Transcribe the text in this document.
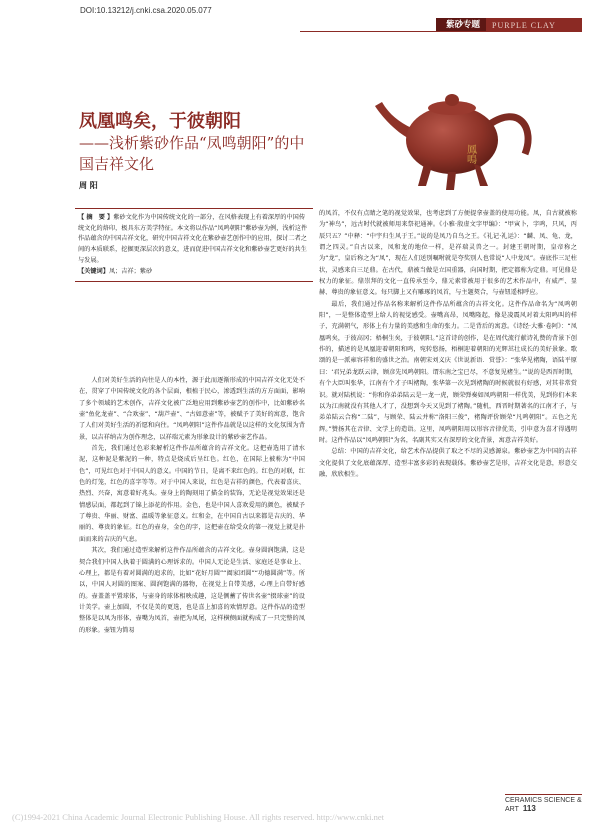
DOI:10.13212/j.cnki.csa.2020.05.077
紫砂专题	PURPLE CLAY
凤凰鸣矣，于彼朝阳
——浅析紫砂作品“凤鸣朝阳”的中国吉祥文化
周 阳
鳳鳴
【 摘　要 】紫砂文化作为中国传统文化的一部分，在风格表现上有着深厚的中国传统文化的烙印，极具东方美学特征。本文将以作品“凤鸣朝阳”紫砂壶为例，浅析这件作品蕴含的中国吉祥文化，研究中国吉祥文化在紫砂壶艺创作中的应用，探讨二者之间的本质联系，挖掘更深层次的意义，进而促进中国吉祥文化和紫砂壶艺更好的共生与发展。
【关键词】凤；吉祥；紫砂

人们对美好生活的向往是人的本性，源于此而逐渐形成的中国吉祥文化无处不在，贯穿了中国传统文化的各个层面，根植于民心，渗透到生活的方方面面，影响了多个领域的艺术创作，吉祥文化被广泛地应用到紫砂壶艺的创作中，比如紫砂名壶“鱼化龙壶”、“合欢壶”、“葫芦壶”、“古如意壶”等，被赋予了美好的寓意，饱含了人们对美好生活的祈愿和向往。“凤鸣朝阳”这件作品就是以这样的文化氛围为背景，以吉祥纳吉为创作理念，以祥瑞元素为形象设计的紫砂壶艺作品。

首先，我们通过色彩来解析这件作品所蕴含的吉祥文化。这把壶选用了清水泥，这种泥是紫泥的一种，特点是烧成后呈红色。红色，在国际上被称为“中国色”，可见红色对于中国人的意义。中国的节日，是离不来红色的。红色的对联，红色的灯笼，红色的喜字等等。对于中国人来说，红色是吉祥的颜色，代表着喜庆、热烈、兴奋，寓意着好兆头。壶身上的陶刻用了描金的装饰，无论是视觉效果还是情感层面，都起到了锦上添花的作用。金色，也是中国人喜欢爱用的颜色，被赋予了尊贵、华丽、财富、温暖等象征意义。红和金，在中国自古以来都是吉庆的、华丽的、尊贵的象征。红色的壶身，金色的字，这把壶在给受众的第一视觉上就是扑面而来的吉庆的气息。

其次，我们通过造型来解析这件作品所蕴含的吉祥文化。壶身圆润饱满，这是契合我们中国人执着于圆满的心理诉求的。中国人无论是生活、家庭还是事业上、心理上，都是有着对圆满的追求的，比如“花好月圆”“阖家团圆”“功德圆满”等。所以，中国人对圆的图案、圆润饱满的器物，在视觉上自带美感，心理上自带好感的。壶盖盖平置球体，与壶身的球体相映成趣，这是侧蓄了传世名壶“掇球壶”的设计美学。壶上加圆，不仅是美的更选，也是喜上加喜的欢情厚意。这件作品的造型整体是以凤为形体，壶嘴为凤首，壶把为凤尾，这样横侧面就构成了一只完整的凤的形象。壶钮为简易

的凤首，不仅有点睛之笔的视觉效果，也考虑到了方便提拿壶盖的使用功能。凤，自古就被称为“神鸟”，远古时代就被师用来祭祀通神。《小雅·殷虚文字甲编》：“甲寅卜，字鸣，只风，丙辰只五？”中释：“中宇归生风于王。”说的是凤乃自鸟之王。《礼记·礼运》：“麟、凤、龟、龙，谓之四灵。”自古以来，凤和龙的地位一样，是祥瑞灵兽之一。封建王朝时期，皇帝称之为“龙”，皇后称之为“凤”，现在人们送别嘱咐就是夸奖别人也常说“人中龙凤”。壶底作三足柱状，灵感来自三足鼎。在古代，鼎被当做是立国重器，向国时期，把定都称为定鼎。可见鼎是权力的象征。鼎崇拜的文化一直传承至今，鼎元素常被用于很多的艺术作品中，有威严、显赫、尊贵的象征意义。每只脚上又有雕琢的凤首，与主题契合，与壶钮遥相呼应。

最后，我们通过作品名称来解析这件作品所蕴含的吉祥文化。这件作品命名为“凤鸣朝阳”，一是整体造型上给人的视觉感受。壶嘴高昂，凤嘴隆起，像是凌震风对着太阳鸣叫的样子，充满朝气，形体上有力量的美感和生命的张力。二是背后的寓意。《诗经·大雅·卷阿》：“凤凰鸣矣，于彼高冈；梧桐生矣，于彼朝阳。”这首诗的创作，是在周代流行献诗礼赞的背景下创作的，描述的是凤凰迎着朝阳和鸣，宛转悠扬，梧桐迎着朝阳的光辉茁壮成长的美好景象。歌颂的是一派雍容祥和的盛世之治。南朝宋刘义庆《世说新语．赏誉》：“张华见褚陶，语陆平原曰：‘君兄弟龙跃云津，顾彦先凤鸣朝阳。谓东南之宝已尽，不意复见褚生。’”说的是西晋时期，有个大臣叫张华，江南有个才子叫褚陶，张华第一次见到褚陶的时候就很有好感，对其非常赏识。就对陆机说：“你和你弟弟陆云是一龙一虎，顾荣弹奏如凤鸣朝阳一样优美，见到你们本来以为江南就没有其他人才了，没想到今天又见到了褚陶。”随机，西晋时期著名的江南才子，与弟弟陆云合称“二陆”，与顾荣、陆云并称“洛阳三俊”，褚陶评价顾荣“凡鸣朝阳”。五色之光辉。”赞扬其在音律、文学上的造诣。这里，凤鸣朝阳用以形容音律优美，引申意为喜才得遇明时。这件作品以“凤鸣朝阳”为名，名副其实又有深厚的文化背景，寓意吉祥美好。

总结：中国的吉祥文化，给艺术作品提供了取之不尽的灵感源泉。紫砂壶艺为中国的吉祥文化提供了文化底蕴深厚、造型丰富多彩的表现载体。紫砂壶艺是形，吉祥文化是意，形意交融，欣欣相生。

CERAMICS SCIENCE & ART 113
(C)1994-2021 China Academic Journal Electronic Publishing House. All rights reserved. http://www.cnki.net
